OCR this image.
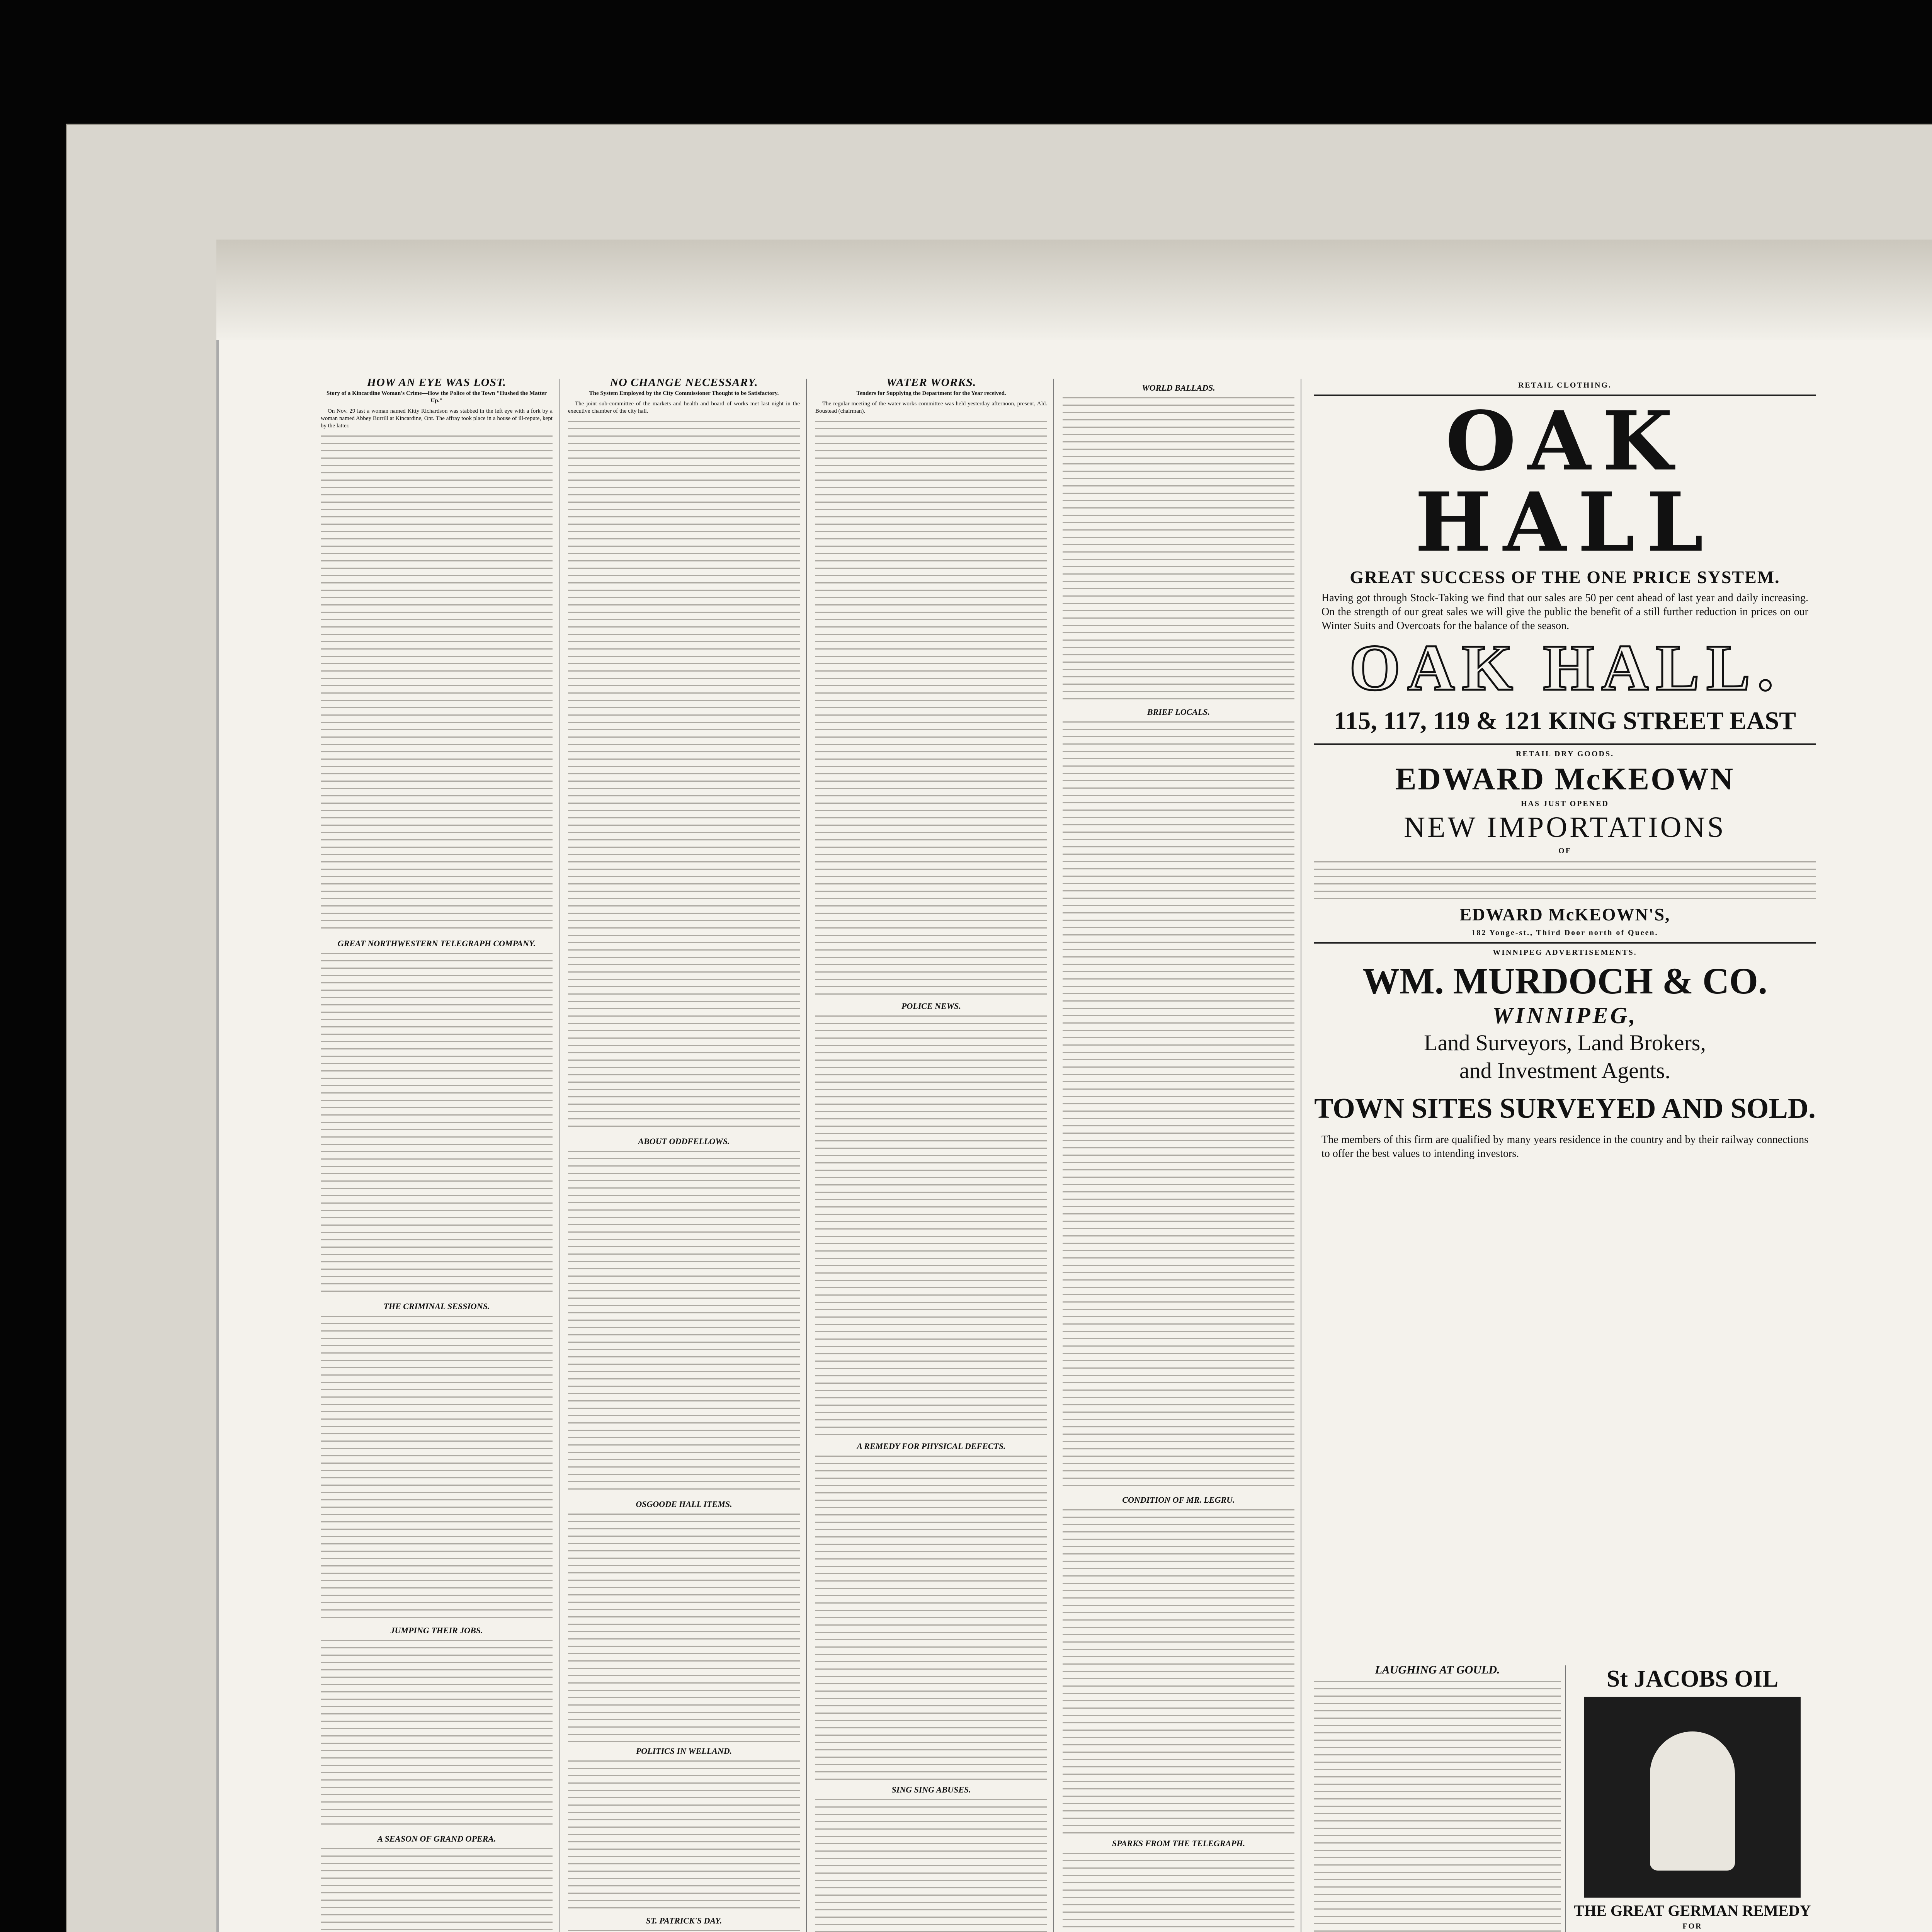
HOW AN EYE WAS LOST.
Story of a Kincardine Woman's Crime—How the Police of the Town "Hushed the Matter Up."

On Nov. 29 last a woman named Kitty Richardson was stabbed in the left eye with a fork by a woman named Abbey Burrill at Kincardine, Ont. The affray took place in a house of ill-repute, kept by the latter.

GREAT NORTHWESTERN TELEGRAPH COMPANY.
THE CRIMINAL SESSIONS.
JUMPING THEIR JOBS.
A SEASON OF GRAND OPERA.
NO CHANGE NECESSARY.
The System Employed by the City Commissioner Thought to be Satisfactory.

The joint sub-committee of the markets and health and board of works met last night in the executive chamber of the city hall.

ABOUT ODDFELLOWS.
OSGOODE HALL ITEMS.
POLITICS IN WELLAND.
ST. PATRICK'S DAY.
WATER WORKS.
Tenders for Supplying the Department for the Year received.

The regular meeting of the water works committee was held yesterday afternoon, present, Ald. Boustead (chairman).

POLICE NEWS.
A REMEDY FOR PHYSICAL DEFECTS.
SING SING ABUSES.
WORLD BALLADS.
BRIEF LOCALS.
CONDITION OF MR. LEGRU.
SPARKS FROM THE TELEGRAPH.
RETAIL CLOTHING.
OAK HALL
GREAT SUCCESS OF THE ONE PRICE SYSTEM.
Having got through Stock-Taking we find that our sales are 50 per cent ahead of last year and daily increasing. On the strength of our great sales we will give the public the benefit of a still further reduction in prices on our Winter Suits and Overcoats for the balance of the season.
OAK HALL.
115, 117, 119 & 121 KING STREET EAST
RETAIL DRY GOODS.
EDWARD McKEOWN
HAS JUST OPENED
NEW IMPORTATIONS
OF
EDWARD McKEOWN'S,
182 Yonge-st., Third Door north of Queen.
WINNIPEG ADVERTISEMENTS.
WM. MURDOCH & CO.
WINNIPEG,
Land Surveyors, Land Brokers,
and Investment Agents.
TOWN SITES SURVEYED AND SOLD.
The members of this firm are qualified by many years residence in the country and by their railway connections to offer the best values to intending investors.
LAUGHING AT GOULD.	St JACOBS OIL
THE GREAT GERMAN REMEDY
FOR
